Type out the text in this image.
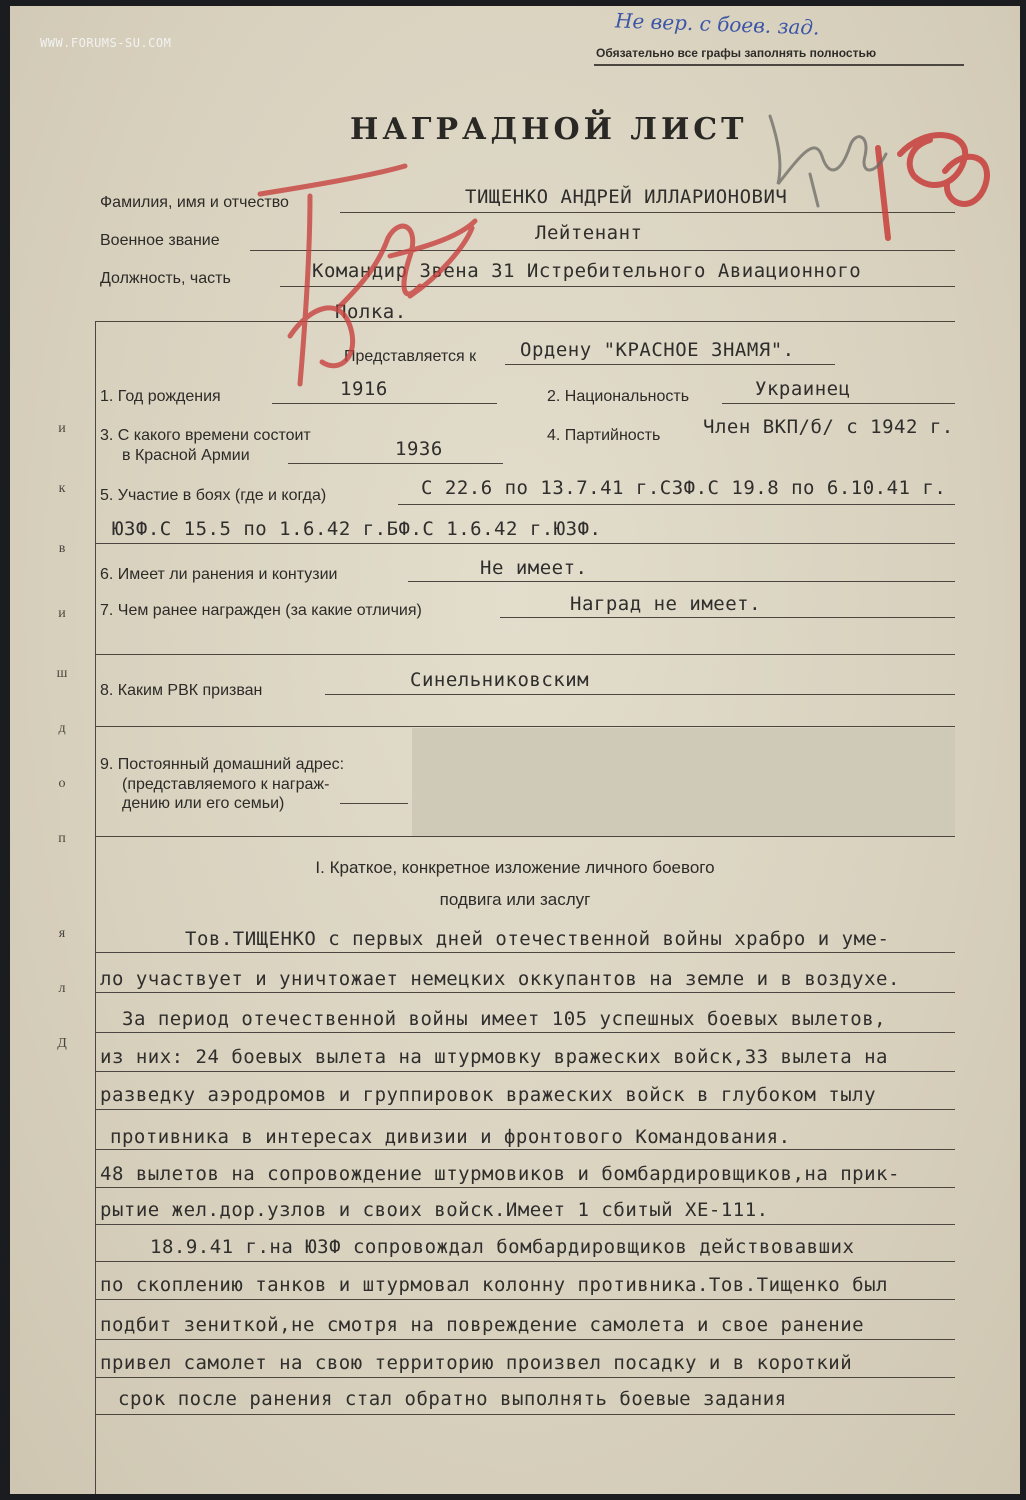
WWW.FORUMS-SU.COM
Не вер. с боев. зад.
Обязательно все графы заполнять полностью
НАГРАДНОЙ ЛИСТ
Д
л
я
п
о
д
ш
и
в
к
и
Фамилия, имя и отчество	ТИЩЕНКО АНДРЕЙ ИЛЛАРИОНОВИЧ
Военное звание	Лейтенант
Должность, часть	Командир Звена 31 Истребительного Авиационного
Полка.
Представляется к Ордену "КРАСНОЕ ЗНАМЯ".
1. Год рождения	1916	2. Национальность	Украинец
3. С какого времени состоит
в Красной Армии	1936
4. Партийность Член ВКП/б/ с 1942 г.
5. Участие в боях (где и когда)	С 22.6 по 13.7.41 г.СЗФ.С 19.8 по 6.10.41 г.
ЮЗФ.С 15.5 по 1.6.42 г.БФ.С 1.6.42 г.ЮЗФ.
6. Имеет ли ранения и контузии	Не имеет.
7. Чем ранее награжден (за какие отличия)	Наград не имеет.
8. Каким РВК призван	Синельниковским
9. Постоянный домашний адрес:
(представляемого к награж-
дению или его семьи)
I. Краткое, конкретное изложение личного боевого
подвига или заслуг
Тов.ТИЩЕНКО с первых дней отечественной войны храбро и уме-
ло участвует и уничтожает немецких оккупантов на земле и в воздухе.
За период отечественной войны имеет 105 успешных боевых вылетов,
из них: 24 боевых вылета на штурмовку вражеских войск,33 вылета на
разведку аэродромов и группировок вражеских войск в глубоком тылу
противника в интересах дивизии и фронтового Командования.
48 вылетов на сопровождение штурмовиков и бомбардировщиков,на прик-
рытие жел.дор.узлов и своих войск.Имеет 1 сбитый ХЕ-111.
18.9.41 г.на ЮЗФ сопровождал бомбардировщиков действовавших
по скоплению танков и штурмовал колонну противника.Тов.Тищенко был
подбит зениткой,не смотря на повреждение самолета и свое ранение
привел самолет на свою территорию произвел посадку и в короткий
срок после ранения стал обратно выполнять боевые задания
